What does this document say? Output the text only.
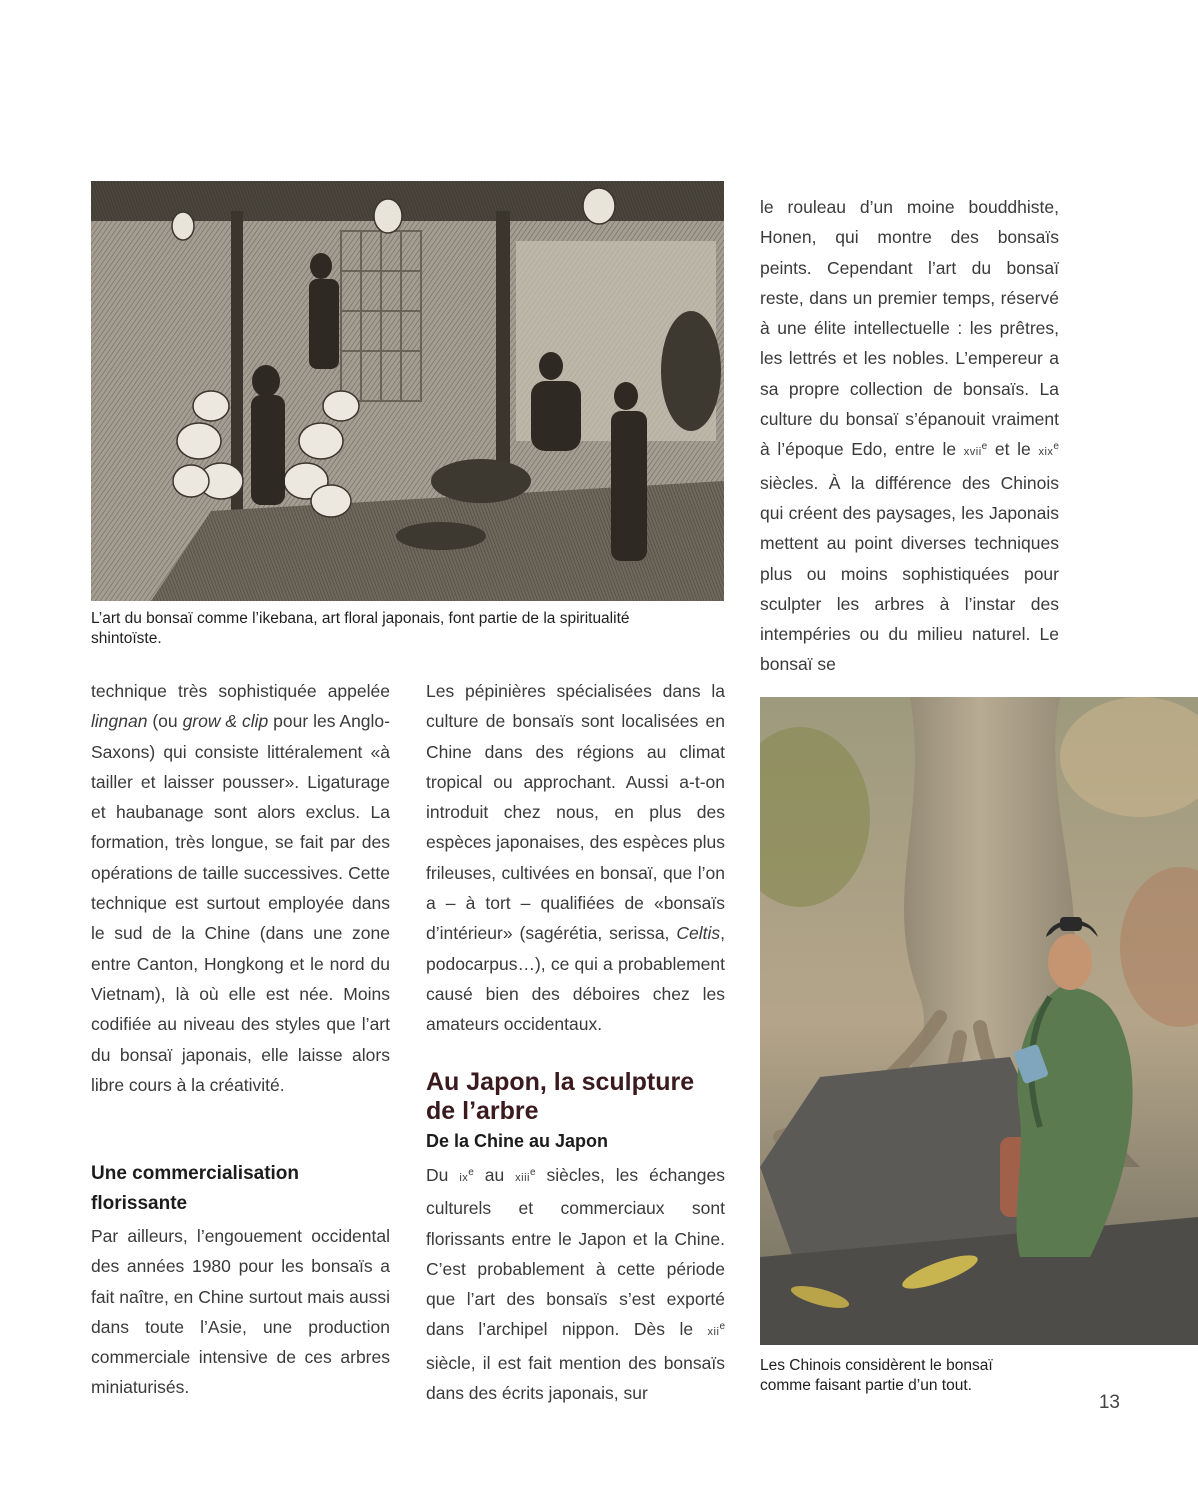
L’art du bonsaï comme l’ikebana, art floral japonais, font partie de la spiritualité

shintoïste.

technique très sophistiquée appelée lingnan (ou grow & clip pour les Anglo-Saxons) qui consiste littéralement «à tailler et laisser pousser». Ligaturage et haubanage sont alors exclus. La formation, très longue, se fait par des opérations de taille successives. Cette technique est surtout employée dans le sud de la Chine (dans une zone entre Canton, Hongkong et le nord du Vietnam), là où elle est née. Moins codifiée au niveau des styles que l’art du bonsaï japonais, elle laisse alors libre cours à la créativité.

Une commercialisation florissante

Par ailleurs, l’engouement occidental des années 1980 pour les bonsaïs a fait naître, en Chine surtout mais aussi dans toute l’Asie, une production commerciale intensive de ces arbres miniaturisés.

Les pépinières spécialisées dans la culture de bonsaïs sont localisées en Chine dans des régions au climat tropical ou approchant. Aussi a-t-on introduit chez nous, en plus des espèces japonaises, des espèces plus frileuses, cultivées en bonsaï, que l’on a – à tort – qualifiées de «bonsaïs d’intérieur» (sagérétia, serissa, Celtis, podocarpus…), ce qui a probablement causé bien des déboires chez les amateurs occidentaux.

Au Japon, la sculpture de l’arbre
De la Chine au Japon

Du $ix^e$ au xiii$^e$ siècles, les échanges culturels et commerciaux sont florissants entre le Japon et la Chine. C’est probablement à cette période que l’art des bonsaïs s’est exporté dans l’archipel nippon. Dès le xii$^e$ siècle, il est fait mention des bonsaïs dans des écrits japonais, sur

le rouleau d’un moine bouddhiste, Honen, qui montre des bonsaïs peints. Cependant l’art du bonsaï reste, dans un premier temps, réservé à une élite intellectuelle : les prêtres, les lettrés et les nobles. L’empereur a sa propre collection de bonsaïs. La culture du bonsaï s’épanouit vraiment à l’époque Edo, entre le xvii$^e$ et le xix$^e$ siècles. À la différence des Chinois qui créent des paysages, les Japonais mettent au point diverses techniques plus ou moins sophistiquées pour sculpter les arbres à l’instar des intempéries ou du milieu naturel. Le bonsaï se

Les Chinois considèrent le bonsaï

comme faisant partie d’un tout.

13
